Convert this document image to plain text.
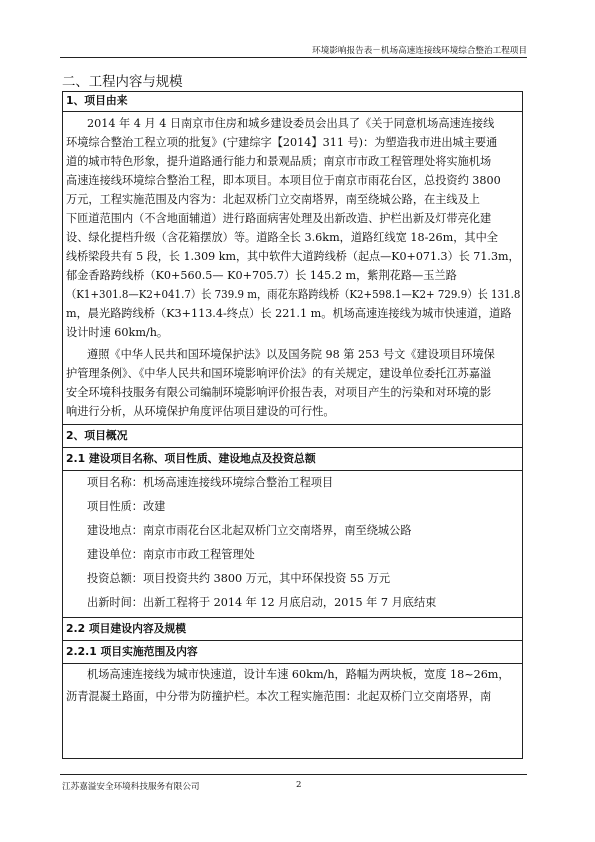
环境影响报告表－机场高速连接线环境综合整治工程项目
二、工程内容与规模
1、项目由来
2014 年 4 月 4 日南京市住房和城乡建设委员会出具了《关于同意机场高速连接线
环境综合整治工程立项的批复》(宁建综字【2014】311 号)：为塑造我市进出城主要通
道的城市特色形象，提升道路通行能力和景观品质；南京市市政工程管理处将实施机场
高速连接线环境综合整治工程，即本项目。本项目位于南京市雨花台区，总投资约 3800
万元，工程实施范围及内容为：北起双桥门立交南塔界，南至绕城公路，在主线及上
下匝道范围内（不含地面辅道）进行路面病害处理及出新改造、护栏出新及灯带亮化建
设、绿化提档升级（含花箱摆放）等。道路全长 3.6km，道路红线宽 18-26m，其中全
线桥梁段共有 5 段，长 1.309 km，其中软件大道跨线桥（起点—K0+071.3）长 71.3m，
郁金香路跨线桥（K0+560.5— K0+705.7）长 145.2 m，紫荆花路—玉兰路
（K1+301.8—K2+041.7）长 739.9 m，雨花东路跨线桥（K2+598.1—K2+ 729.9）长 131.8
m，晨光路跨线桥（K3+113.4-终点）长 221.1 m。机场高速连接线为城市快速道，道路
设计时速 60km/h。
遵照《中华人民共和国环境保护法》以及国务院 98 第 253 号文《建设项目环境保
护管理条例》、《中华人民共和国环境影响评价法》的有关规定，建设单位委托江苏嘉溢
安全环境科技服务有限公司编制环境影响评价报告表，对项目产生的污染和对环境的影
响进行分析，从环境保护角度评估项目建设的可行性。
2、项目概况
2.1 建设项目名称、项目性质、建设地点及投资总额
项目名称：机场高速连接线环境综合整治工程项目
项目性质：改建
建设地点：南京市雨花台区北起双桥门立交南塔界，南至绕城公路
建设单位：南京市市政工程管理处
投资总额：项目投资共约 3800 万元，其中环保投资 55 万元
出新时间：出新工程将于 2014 年 12 月底启动，2015 年 7 月底结束
2.2 项目建设内容及规模
2.2.1 项目实施范围及内容
机场高速连接线为城市快速道，设计车速 60km/h，路幅为两块板，宽度 18~26m，
沥青混凝土路面，中分带为防撞护栏。本次工程实施范围：北起双桥门立交南塔界，南
江苏嘉溢安全环境科技服务有限公司	2
